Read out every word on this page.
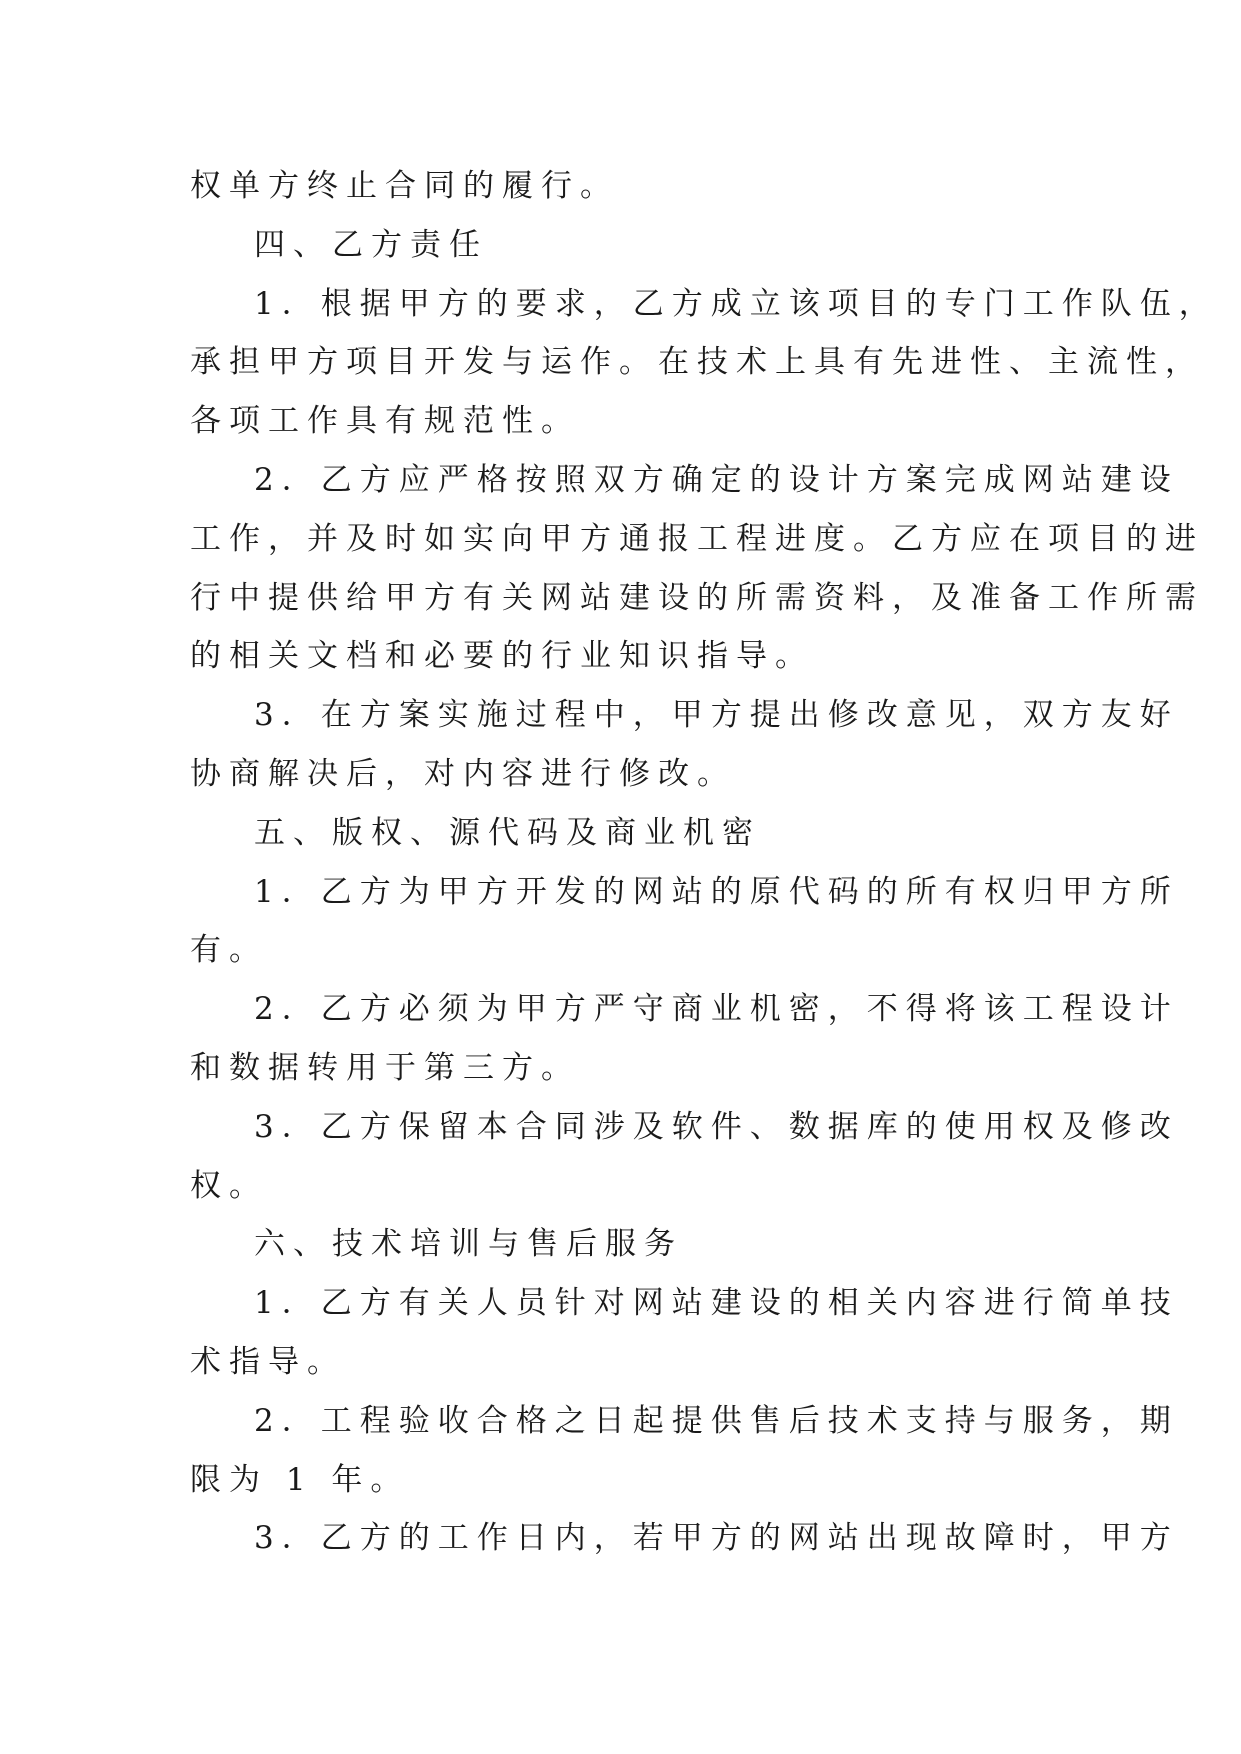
权单方终止合同的履行。
四、乙方责任
1．根据甲方的要求，乙方成立该项目的专门工作队伍，
承担甲方项目开发与运作。在技术上具有先进性、主流性，
各项工作具有规范性。
2．乙方应严格按照双方确定的设计方案完成网站建设
工作，并及时如实向甲方通报工程进度。乙方应在项目的进
行中提供给甲方有关网站建设的所需资料，及准备工作所需
的相关文档和必要的行业知识指导。
3．在方案实施过程中，甲方提出修改意见，双方友好
协商解决后，对内容进行修改。
五、版权、源代码及商业机密
1．乙方为甲方开发的网站的原代码的所有权归甲方所
有。
2．乙方必须为甲方严守商业机密，不得将该工程设计
和数据转用于第三方。
3．乙方保留本合同涉及软件、数据库的使用权及修改
权。
六、技术培训与售后服务
1．乙方有关人员针对网站建设的相关内容进行简单技
术指导。
2．工程验收合格之日起提供售后技术支持与服务，期
限为 1 年。
3．乙方的工作日内，若甲方的网站出现故障时，甲方
